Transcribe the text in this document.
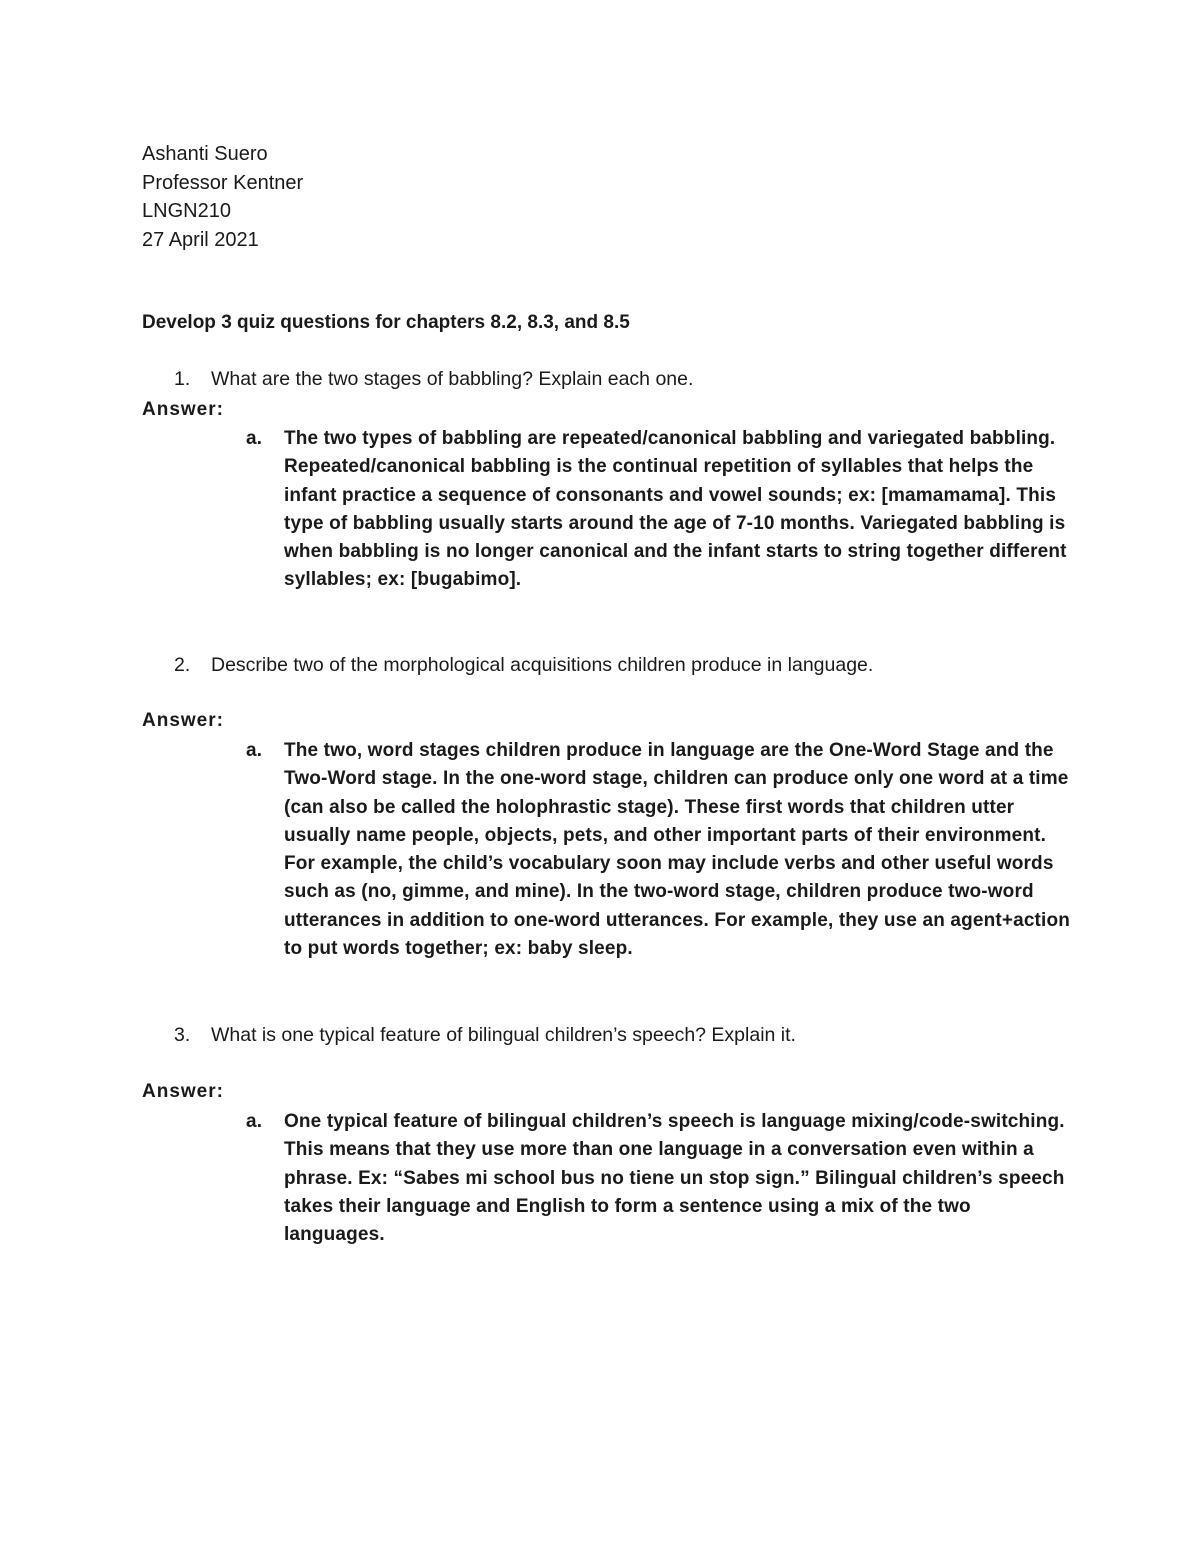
Ashanti Suero
Professor Kentner
LNGN210
27 April 2021
Develop 3 quiz questions for chapters 8.2, 8.3, and 8.5
1. What are the two stages of babbling? Explain each one.
Answer:
a.	The two types of babbling are repeated/canonical babbling and variegated babbling. Repeated/canonical babbling is the continual repetition of syllables that helps the infant practice a sequence of consonants and vowel sounds; ex: [mamamama]. This type of babbling usually starts around the age of 7-10 months. Variegated babbling is when babbling is no longer canonical and the infant starts to string together different syllables; ex: [bugabimo].
2. Describe two of the morphological acquisitions children produce in language.
Answer:
a.	The two, word stages children produce in language are the One-Word Stage and the Two-Word stage. In the one-word stage, children can produce only one word at a time (can also be called the holophrastic stage). These first words that children utter usually name people, objects, pets, and other important parts of their environment. For example, the child’s vocabulary soon may include verbs and other useful words such as (no, gimme, and mine). In the two-word stage, children produce two-word utterances in addition to one-word utterances. For example, they use an agent+action to put words together; ex: baby sleep.
3. What is one typical feature of bilingual children’s speech? Explain it.
Answer:
a.	One typical feature of bilingual children’s speech is language mixing/code-switching. This means that they use more than one language in a conversation even within a phrase. Ex: “Sabes mi school bus no tiene un stop sign.” Bilingual children’s speech takes their language and English to form a sentence using a mix of the two languages.
